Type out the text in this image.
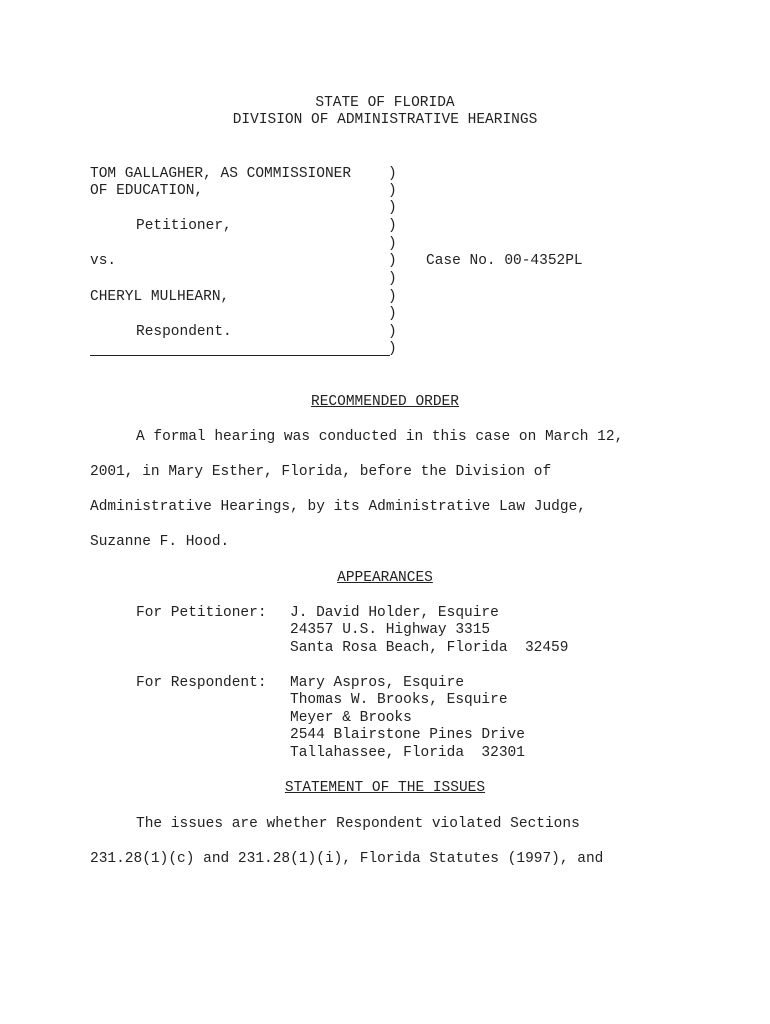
STATE OF FLORIDA
DIVISION OF ADMINISTRATIVE HEARINGS
TOM GALLAGHER, AS COMMISSIONER
OF EDUCATION,
Petitioner,
vs.
CHERYL MULHEARN,
Respondent.
)
)
)
)
)
)
)
)
)
)
)
Case No. 00-4352PL
RECOMMENDED ORDER
A formal hearing was conducted in this case on March 12,
2001, in Mary Esther, Florida, before the Division of
Administrative Hearings, by its Administrative Law Judge,
Suzanne F. Hood.
APPEARANCES
For Petitioner: J. David Holder, Esquire
24357 U.S. Highway 3315
Santa Rosa Beach, Florida  32459
For Respondent: Mary Aspros, Esquire
Thomas W. Brooks, Esquire
Meyer & Brooks
2544 Blairstone Pines Drive
Tallahassee, Florida  32301
STATEMENT OF THE ISSUES
The issues are whether Respondent violated Sections
231.28(1)(c) and 231.28(1)(i), Florida Statutes (1997), and
